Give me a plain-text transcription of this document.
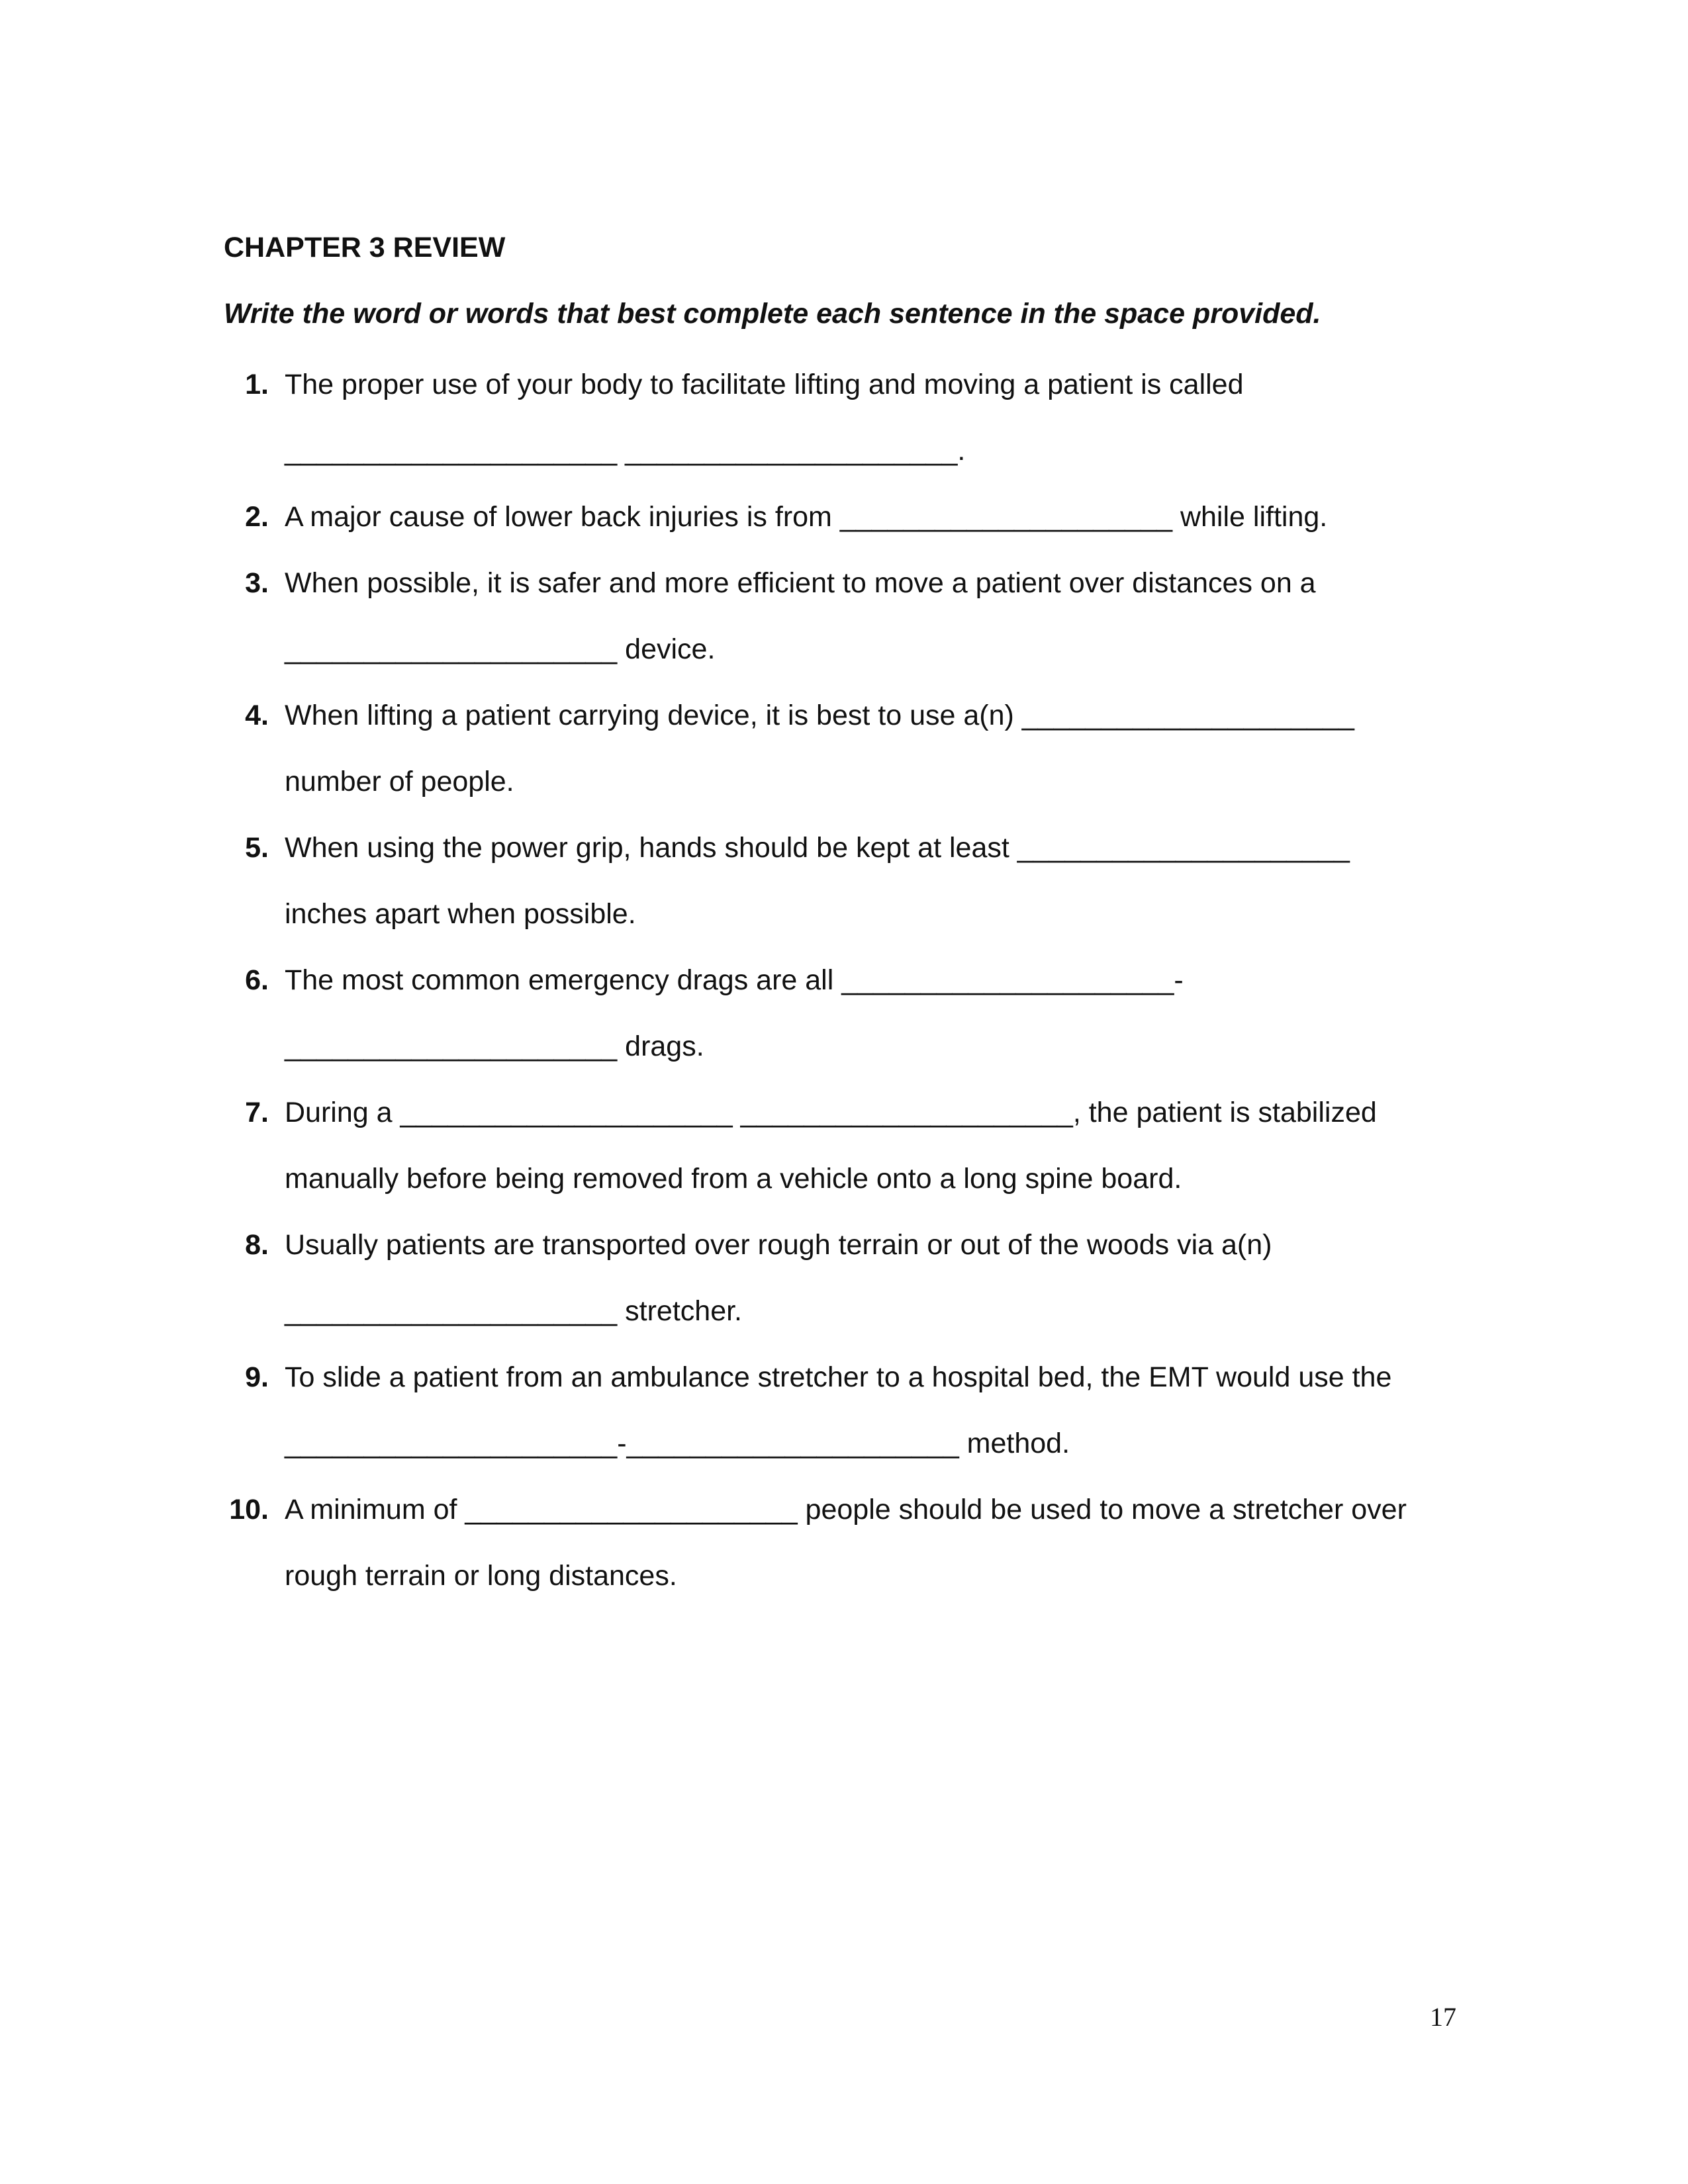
CHAPTER 3 REVIEW
Write the word or words that best complete each sentence in the space provided.
1. The proper use of your body to facilitate lifting and moving a patient is called
_____________________ _____________________.
2. A major cause of lower back injuries is from _____________________ while lifting.
3. When possible, it is safer and more efficient to move a patient over distances on a
_____________________ device.
4. When lifting a patient carrying device, it is best to use a(n) _____________________
number of people.
5. When using the power grip, hands should be kept at least _____________________
inches apart when possible.
6. The most common emergency drags are all _____________________-
_____________________ drags.
7. During a _____________________ _____________________, the patient is stabilized
manually before being removed from a vehicle onto a long spine board.
8. Usually patients are transported over rough terrain or out of the woods via a(n)
_____________________ stretcher.
9. To slide a patient from an ambulance stretcher to a hospital bed, the EMT would use the
_____________________-_____________________ method.
10. A minimum of _____________________ people should be used to move a stretcher over
rough terrain or long distances.
17
